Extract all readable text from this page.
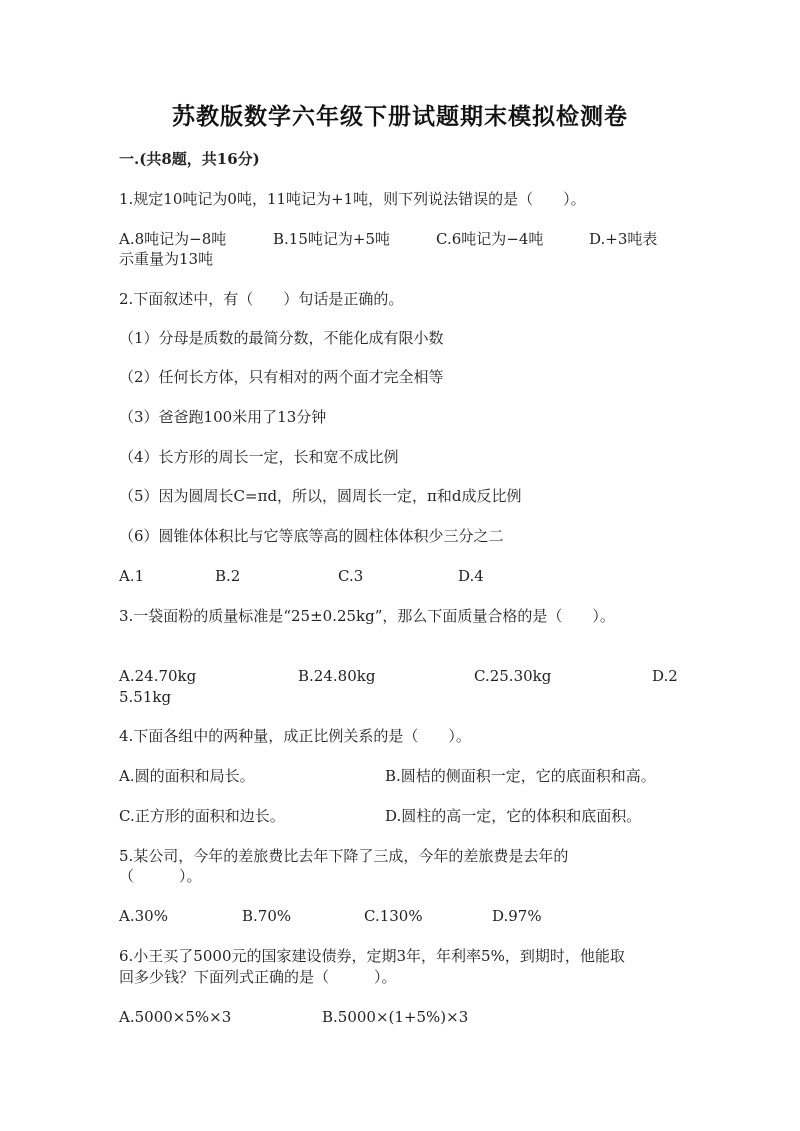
苏教版数学六年级下册试题期末模拟检测卷
一.(共8题，共16分)
1.规定10吨记为0吨，11吨记为+1吨，则下列说法错误的是（　　）。
A.8吨记为−8吨	B.15吨记为+5吨	C.6吨记为−4吨	D.+3吨表
示重量为13吨
2.下面叙述中，有（　　）句话是正确的。
（1）分母是质数的最简分数，不能化成有限小数
（2）任何长方体，只有相对的两个面才完全相等
（3）爸爸跑100米用了13分钟
（4）长方形的周长一定，长和宽不成比例
（5）因为圆周长C=πd，所以，圆周长一定，π和d成反比例
（6）圆锥体体积比与它等底等高的圆柱体体积少三分之二
A.1	B.2	C.3	D.4
3.一袋面粉的质量标准是“25±0.25kg”，那么下面质量合格的是（　　）。
A.24.70kg	B.24.80kg	C.25.30kg	D.2
5.51kg
4.下面各组中的两种量，成正比例关系的是（　　）。
A.圆的面积和局长。	B.圆桔的侧面积一定，它的底面积和高。
C.正方形的面积和边长。	D.圆柱的高一定，它的体积和底面积。
5.某公司，今年的差旅费比去年下降了三成，今年的差旅费是去年的
（　　　）。
A.30%	B.70%	C.130%	D.97%
6.小王买了5000元的国家建设债券，定期3年，年利率5%，到期时，他能取
回多少钱？下面列式正确的是（　　　）。
A.5000×5%×3	B.5000×(1+5%)×3
